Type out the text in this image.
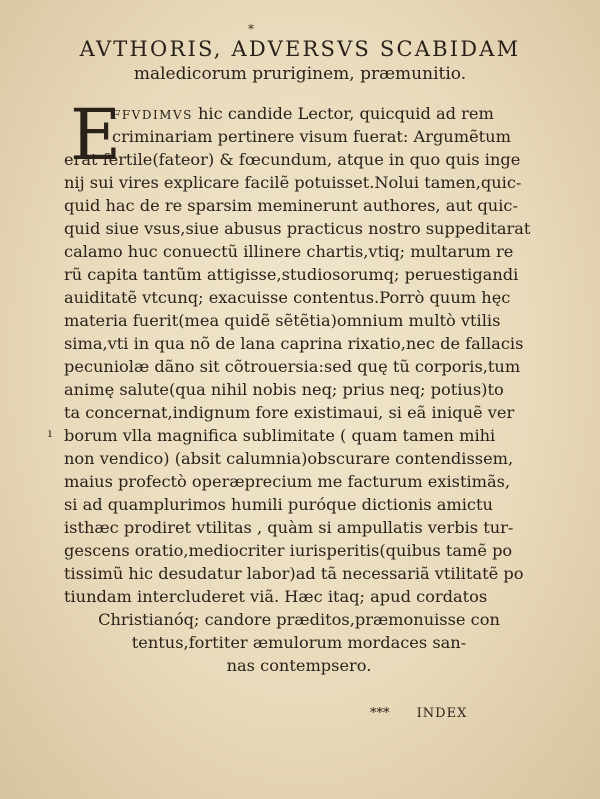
*
AVTHORIS, ADVERSVS SCABIDAM
maledicorum pruriginem, præmunitio.
E
ı
FFVDIMVS hic candide Lector, quicquid ad rem
criminariam pertinere visum fuerat: Argumẽtum
erat fertile(fateor) & fœcundum, atque in quo quis inge
nij sui vires explicare facilẽ potuisset.Nolui tamen,quic-
quid hac de re sparsim meminerunt authores, aut quic-
quid siue vsus,siue abusus practicus nostro suppeditarat
calamo huc conuectũ illinere chartis,vtiq; multarum re
rũ capita tantũm attigisse,studiosorumq; peruestigandi
auiditatẽ vtcunq; exacuisse contentus.Porrò quum hęc
materia fuerit(mea quidẽ sẽtẽtia)omnium multò vtilis
sima,vti in qua nõ de lana caprina rixatio,nec de fallacis
pecuniolæ dãno sit cõtrouersia:sed quę tũ corporis,tum
animę salute(qua nihil nobis neq; prius neq; potius)to
ta concernat,indignum fore existimaui, si eã iniquẽ ver
borum vlla magnifica sublimitate ( quam tamen mihi
non vendico) (absit calumnia)obscurare contendissem,
maius profectò operæprecium me facturum existimãs,
si ad quamplurimos humili puróque dictionis amictu
isthæc prodiret vtilitas , quàm si ampullatis verbis tur-
gescens oratio,mediocriter iurisperitis(quibus tamẽ po
tissimũ hic desudatur labor)ad tã necessariã vtilitatẽ po
tiundam intercluderet viã. Hæc itaq; apud cordatos
Christianóq; candore præditos,præmonuisse con
tentus,fortiter æmulorum mordaces san-
nas contempsero.
*** INDEX
